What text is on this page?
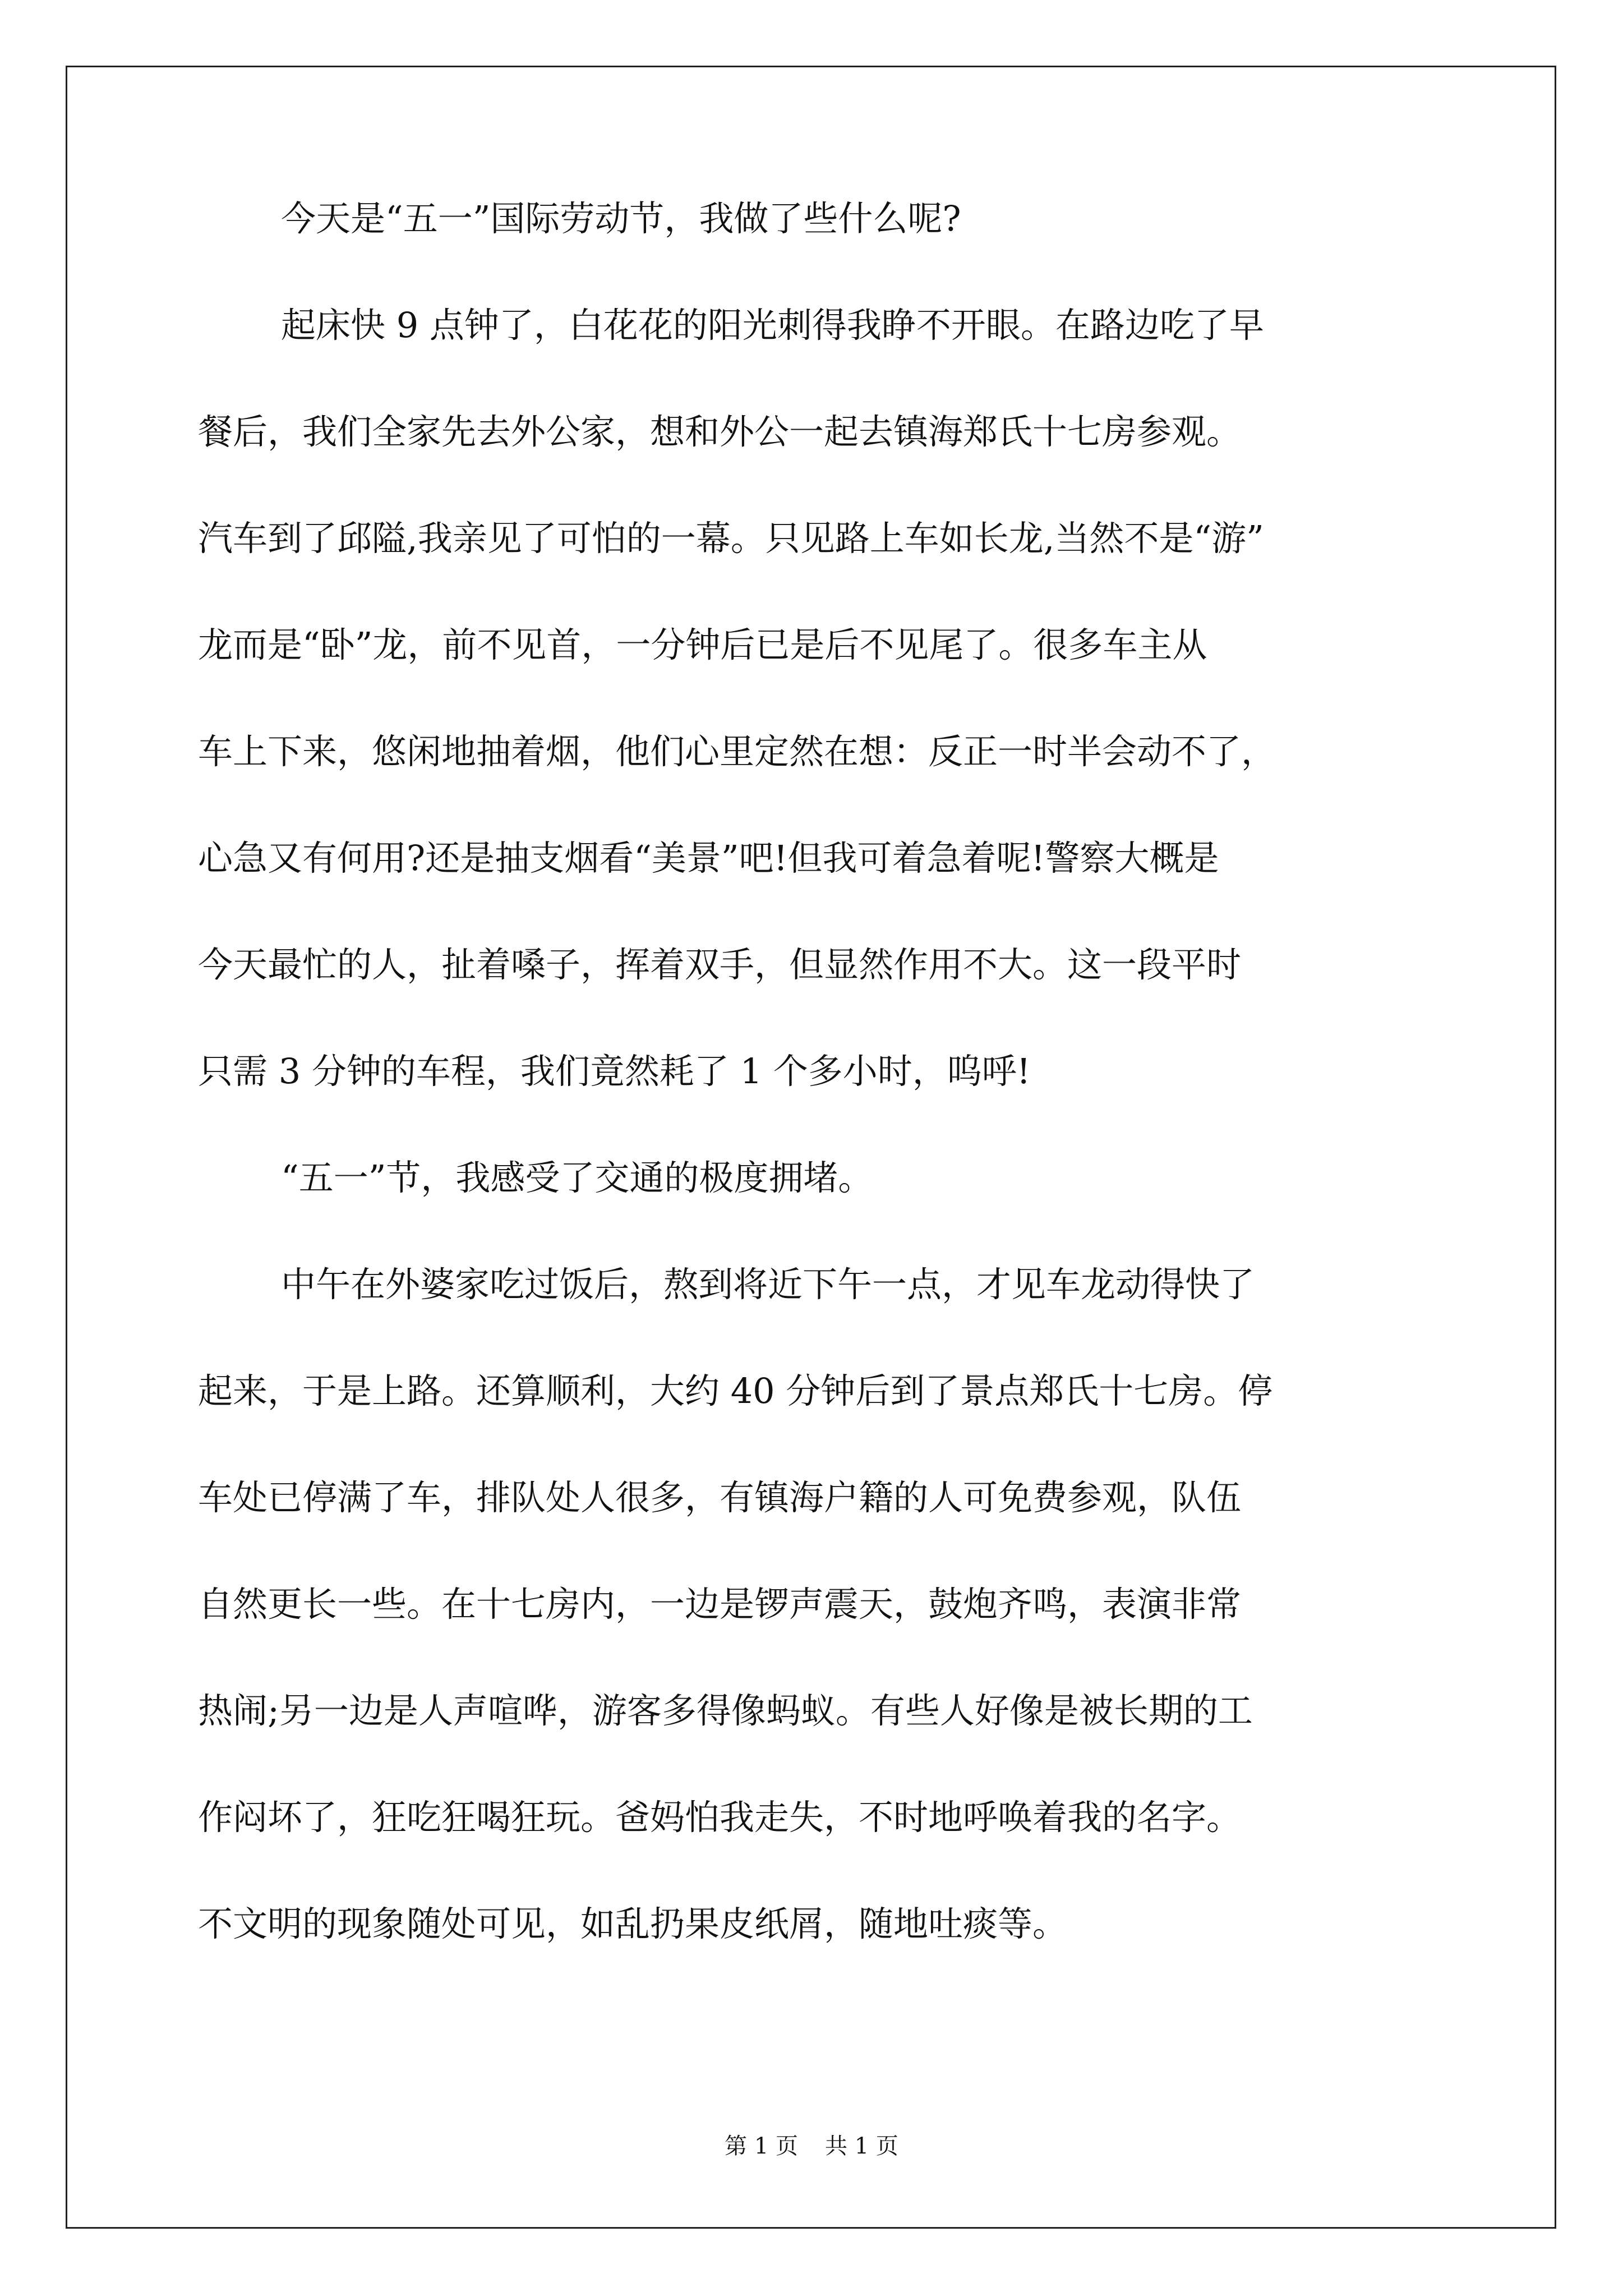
今天是“五一”国际劳动节，我做了些什么呢?
起床快 9 点钟了，白花花的阳光刺得我睁不开眼。在路边吃了早
餐后，我们全家先去外公家，想和外公一起去镇海郑氏十七房参观。
汽车到了邱隘,我亲见了可怕的一幕。只见路上车如长龙,当然不是“游”
龙而是“卧”龙，前不见首，一分钟后已是后不见尾了。很多车主从
车上下来，悠闲地抽着烟，他们心里定然在想：反正一时半会动不了，
心急又有何用?还是抽支烟看“美景”吧!但我可着急着呢!警察大概是
今天最忙的人，扯着嗓子，挥着双手，但显然作用不大。这一段平时
只需 3 分钟的车程，我们竟然耗了 1 个多小时，呜呼!
“五一”节，我感受了交通的极度拥堵。
中午在外婆家吃过饭后，熬到将近下午一点，才见车龙动得快了
起来，于是上路。还算顺利，大约 40 分钟后到了景点郑氏十七房。停
车处已停满了车，排队处人很多，有镇海户籍的人可免费参观，队伍
自然更长一些。在十七房内，一边是锣声震天，鼓炮齐鸣，表演非常
热闹;另一边是人声喧哗，游客多得像蚂蚁。有些人好像是被长期的工
作闷坏了，狂吃狂喝狂玩。爸妈怕我走失，不时地呼唤着我的名字。
不文明的现象随处可见，如乱扔果皮纸屑，随地吐痰等。
第 1 页 共 1 页
